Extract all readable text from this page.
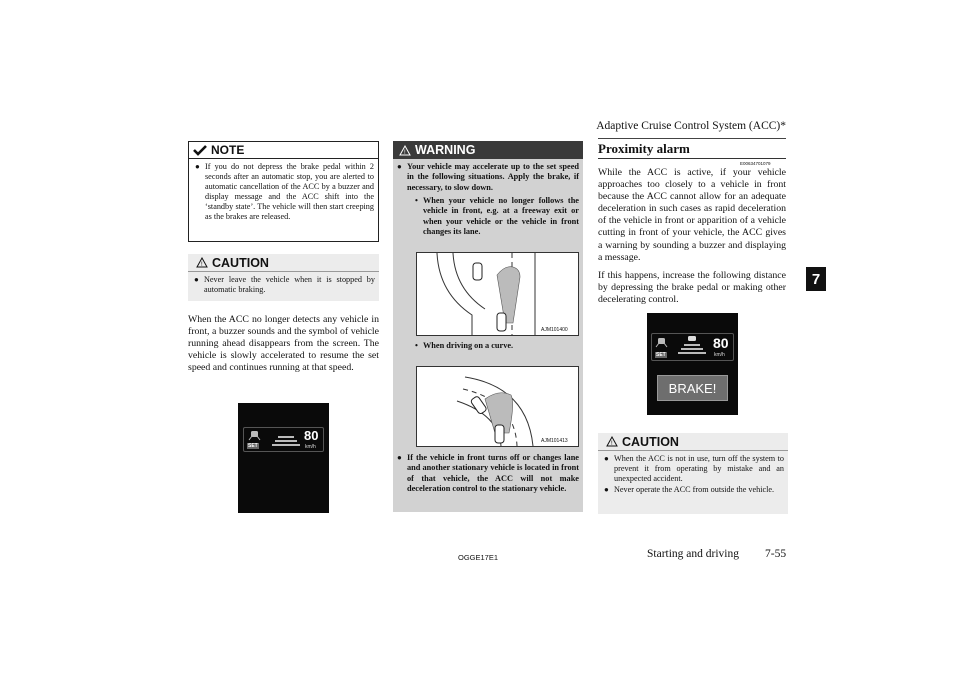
Adaptive Cruise Control System (ACC)*
7
NOTE
● If you do not depress the brake pedal within 2 seconds after an automatic stop, you are alerted to automatic cancellation of the ACC by a buzzer and display message and the ACC shift into the ‘standby state’. The vehicle will then start creeping as the brakes are released.
! CAUTION
● Never leave the vehicle when it is stopped by automatic braking.
When the ACC no longer detects any vehicle in front, a buzzer sounds and the symbol of vehicle running ahead disappears from the screen. The vehicle is slowly accelerated to resume the set speed and continues running at that speed.
SET
80
km/h
! WARNING
● Your vehicle may accelerate up to the set speed in the following situations. Apply the brake, if necessary, to slow down.
• When your vehicle no longer follows the vehicle in front, e.g. at a freeway exit or when your vehicle or the vehicle in front changes its lane.
AJM101400
• When driving on a curve.
AJM101413
● If the vehicle in front turns off or changes lane and another stationary vehicle is located in front of that vehicle, the ACC will not make deceleration control to the stationary vehicle.
Proximity alarm
E00634701079
While the ACC is active, if your vehicle approaches too closely to a vehicle in front because the ACC cannot allow for an adequate deceleration in such cases as rapid deceleration of the vehicle in front or apparition of a vehicle cutting in front of your vehicle, the ACC gives a warning by sounding a buzzer and displaying a message.
If this happens, increase the following distance by depressing the brake pedal or making other decelerating control.
SET
80
km/h
BRAKE!
! CAUTION
● When the ACC is not in use, turn off the system to prevent it from operating by mistake and an unexpected accident.
● Never operate the ACC from outside the vehicle.
OGGE17E1	Starting and driving 7-55
